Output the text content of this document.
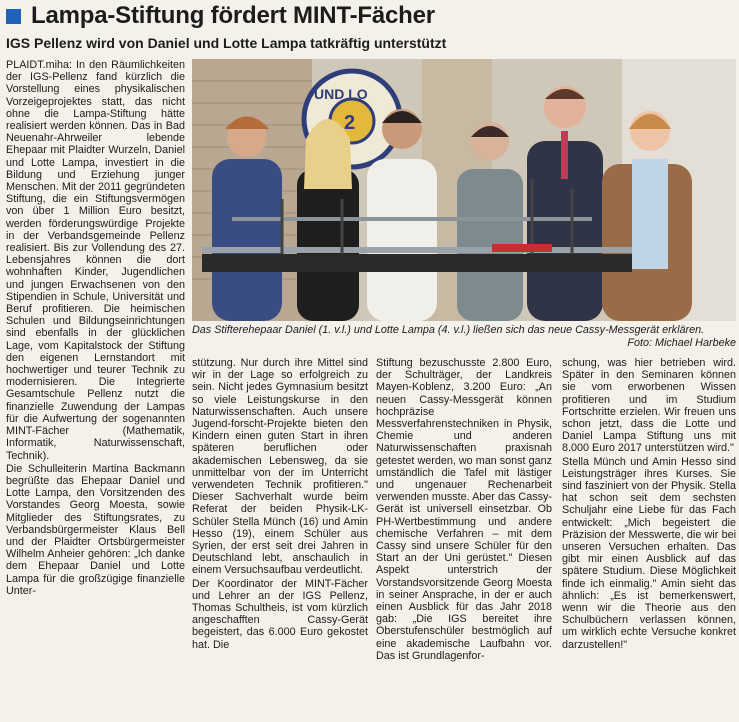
Lampa-Stiftung fördert MINT-Fächer
IGS Pellenz wird von Daniel und Lotte Lampa tatkräftig unterstützt

PLAIDT.miha: In den Räumlichkeiten der IGS-Pellenz fand kürzlich die Vorstellung eines physikalischen Vorzeigeprojektes statt, das nicht ohne die Lampa-Stiftung hätte realisiert werden können. Das in Bad Neuenahr-Ahrweiler lebende Ehepaar mit Plaidter Wurzeln, Daniel und Lotte Lampa, investiert in die Bildung und Erziehung junger Menschen. Mit der 2011 gegründeten Stiftung, die ein Stiftungsvermögen von über 1 Million Euro besitzt, werden förderungswürdige Projekte in der Verbandsgemeinde Pellenz realisiert. Bis zur Vollendung des 27. Lebensjahres können die dort wohnhaften Kinder, Jugendlichen und jungen Erwachsenen von den Stipendien in Schule, Universität und Beruf profitieren. Die heimischen Schulen und Bildungseinrichtungen sind ebenfalls in der glücklichen Lage, vom Kapitalstock der Stiftung den eigenen Lernstandort mit hochwertiger und teurer Technik zu modernisieren. Die Integrierte Gesamtschule Pellenz nutzt die finanzielle Zuwendung der Lampas für die Aufwertung der sogenannten MINT-Fächer (Mathematik, Informatik, Naturwissenschaft, Technik).

Die Schulleiterin Martina Backmann begrüßte das Ehepaar Daniel und Lotte Lampa, den Vorsitzenden des Vorstandes Georg Moesta, sowie Mitglieder des Stiftungsrates, zu Verbandsbürgermeister Klaus Bell und der Plaidter Ortsbürgermeister Wilhelm Anheier gehören: „Ich danke dem Ehepaar Daniel und Lotte Lampa für die großzügige finanzielle Unter-

UND LO
2
Das Stifterehepaar Daniel (1. v.l.) und Lotte Lampa (4. v.l.) ließen sich das neue Cassy-Messgerät erklären.
Foto: Michael Harbeke

stützung. Nur durch ihre Mittel sind wir in der Lage so erfolgreich zu sein. Nicht jedes Gymnasium besitzt so viele Leistungskurse in den Naturwissenschaften. Auch unsere Jugend-forscht-Projekte bieten den Kindern einen guten Start in ihren späteren beruflichen oder akademischen Lebensweg, da sie unmittelbar von der im Unterricht verwendeten Technik profitieren." Dieser Sachverhalt wurde beim Referat der beiden Physik-LK-Schüler Stella Münch (16) und Amin Hesso (19), einem Schüler aus Syrien, der erst seit drei Jahren in Deutschland lebt, anschaulich in einem Versuchsaufbau verdeutlicht.

Der Koordinator der MINT-Fächer und Lehrer an der IGS Pellenz, Thomas Schultheis, ist vom kürzlich angeschafften Cassy-Gerät begeistert, das 6.000 Euro gekostet hat. Die

Stiftung bezuschusste 2.800 Euro, der Schulträger, der Landkreis Mayen-Koblenz, 3.200 Euro: „An neuen Cassy-Messgerät können hochpräzise Messverfahrenstechniken in Physik, Chemie und anderen Naturwissenschaften praxisnah getestet werden, wo man sonst ganz umständlich die Tafel mit lästiger und ungenauer Rechenarbeit verwenden musste. Aber das Cassy-Gerät ist universell einsetzbar. Ob PH-Wertbestimmung und andere chemische Verfahren – mit dem Cassy sind unsere Schüler für den Start an der Uni gerüstet." Diesen Aspekt unterstrich der Vorstandsvorsitzende Georg Moesta in seiner Ansprache, in der er auch einen Ausblick für das Jahr 2018 gab: „Die IGS bereitet ihre Oberstufenschüler bestmöglich auf eine akademische Laufbahn vor. Das ist Grundlagenfor-

schung, was hier betrieben wird. Später in den Seminaren können sie vom erworbenen Wissen profitieren und im Studium Fortschritte erzielen. Wir freuen uns schon jetzt, dass die Lotte und Daniel Lampa Stiftung uns mit 8.000 Euro 2017 unterstützen wird."

Stella Münch und Amin Hesso sind Leistungsträger ihres Kurses. Sie sind fasziniert von der Physik. Stella hat schon seit dem sechsten Schuljahr eine Liebe für das Fach entwickelt: „Mich begeistert die Präzision der Messwerte, die wir bei unseren Versuchen erhalten. Das gibt mir einen Ausblick auf das spätere Studium. Diese Möglichkeit finde ich einmalig." Amin sieht das ähnlich: „Es ist bemerkenswert, wenn wir die Theorie aus den Schulbüchern verlassen können, um wirklich echte Versuche konkret darzustellen!"
